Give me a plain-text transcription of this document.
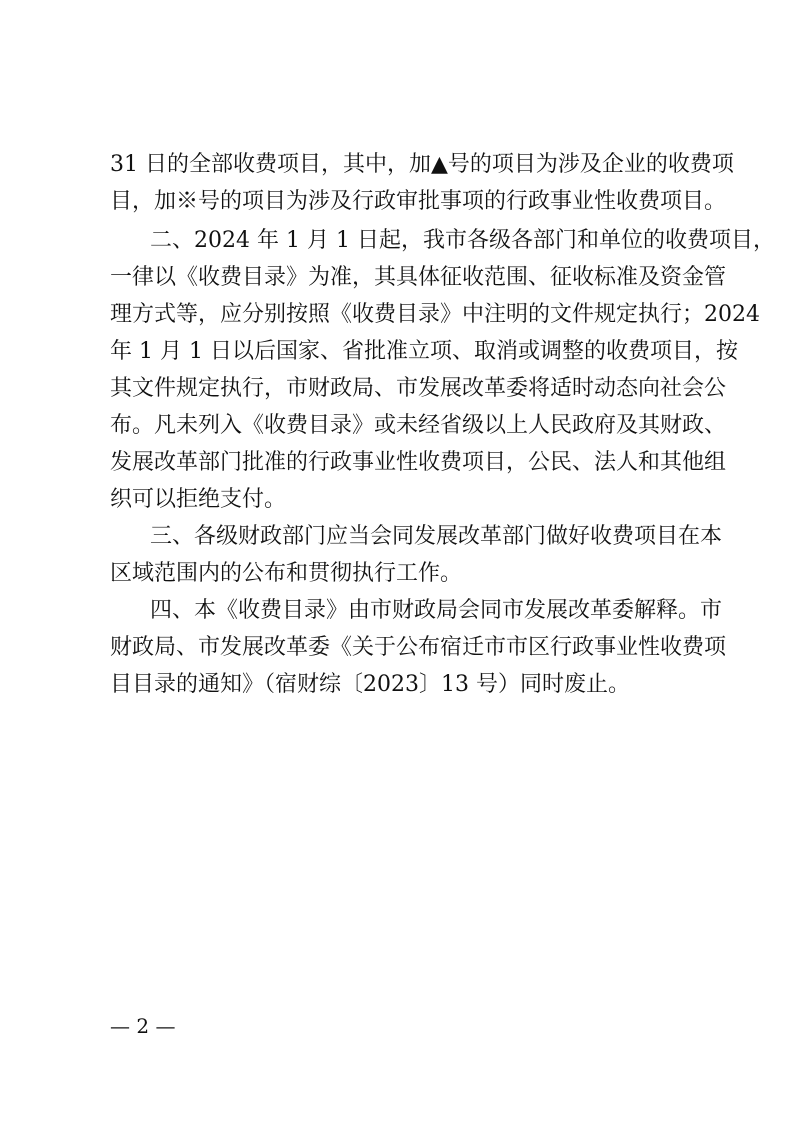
31 日的全部收费项目，其中，加▲号的项目为涉及企业的收费项
目，加※号的项目为涉及行政审批事项的行政事业性收费项目。
二、2024 年 1 月 1 日起，我市各级各部门和单位的收费项目，
一律以《收费目录》为准，其具体征收范围、征收标准及资金管
理方式等，应分别按照《收费目录》中注明的文件规定执行；2024
年 1 月 1 日以后国家、省批准立项、取消或调整的收费项目，按
其文件规定执行，市财政局、市发展改革委将适时动态向社会公
布。凡未列入《收费目录》或未经省级以上人民政府及其财政、
发展改革部门批准的行政事业性收费项目，公民、法人和其他组
织可以拒绝支付。
三、各级财政部门应当会同发展改革部门做好收费项目在本
区域范围内的公布和贯彻执行工作。
四、本《收费目录》由市财政局会同市发展改革委解释。市
财政局、市发展改革委《关于公布宿迁市市区行政事业性收费项
目目录的通知》（宿财综〔2023〕13 号）同时废止。
— 2 —
